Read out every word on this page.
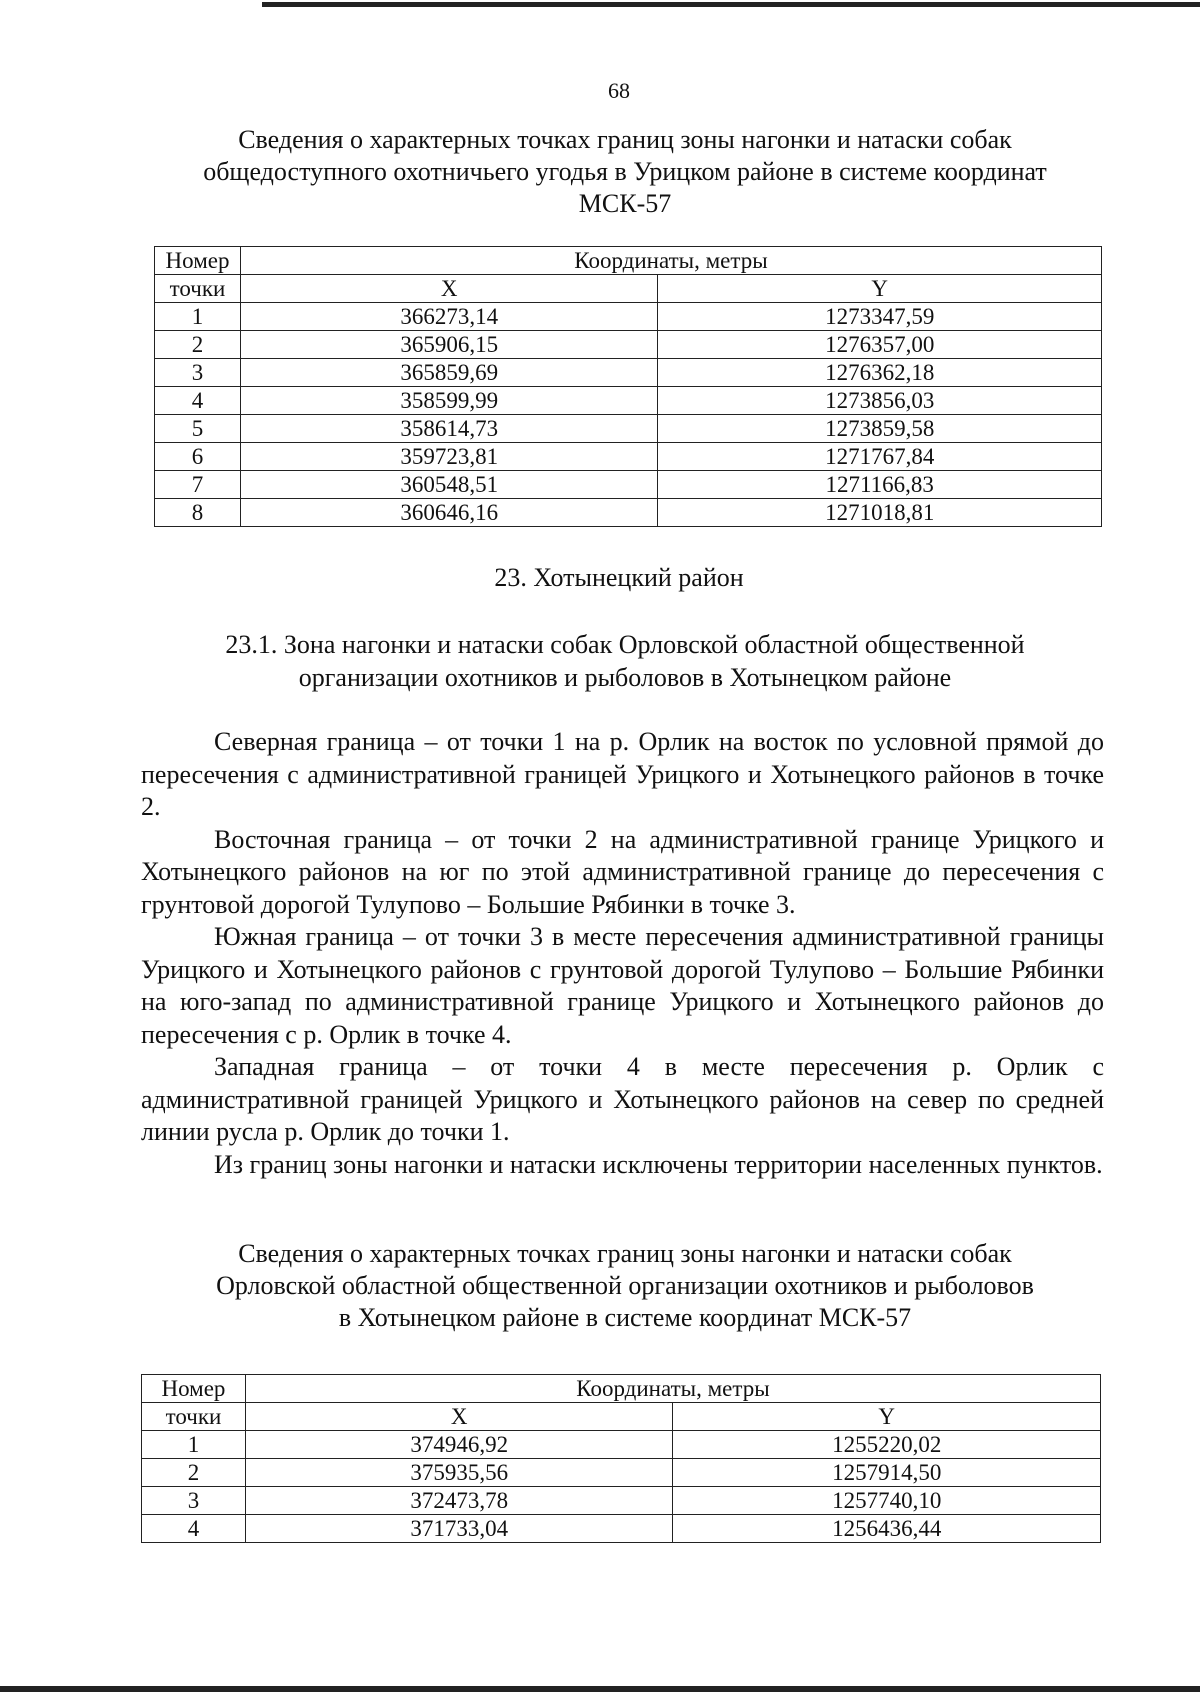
68
Сведения о характерных точках границ зоны нагонки и натаски собак
общедоступного охотничьего угодья в Урицком районе в системе координат
МСК-57
Номер	Координаты, метры	
точки	X	Y
1	366273,14	1273347,59
2	365906,15	1276357,00
3	365859,69	1276362,18
4	358599,99	1273856,03
5	358614,73	1273859,58
6	359723,81	1271767,84
7	360548,51	1271166,83
8	360646,16	1271018,81
23. Хотынецкий район
23.1. Зона нагонки и натаски собак Орловской областной общественной
организации охотников и рыболовов в Хотынецком районе

Северная граница – от точки 1 на р. Орлик на восток по условной прямой до пересечения с административной границей Урицкого и Хотынецкого районов в точке 2.

Восточная граница – от точки 2 на административной границе Урицкого и Хотынецкого районов на юг по этой административной границе до пересечения с грунтовой дорогой Тулупово – Большие Рябинки в точке 3.

Южная граница – от точки 3 в месте пересечения административной границы Урицкого и Хотынецкого районов с грунтовой дорогой Тулупово – Большие Рябинки на юго-запад по административной границе Урицкого и Хотынецкого районов до пересечения с р. Орлик в точке 4.

Западная граница – от точки 4 в месте пересечения р. Орлик с административной границей Урицкого и Хотынецкого районов на север по средней линии русла р. Орлик до точки 1.

Из границ зоны нагонки и натаски исключены территории населенных пунктов.

Сведения о характерных точках границ зоны нагонки и натаски собак
Орловской областной общественной организации охотников и рыболовов
в Хотынецком районе в системе координат МСК-57
Номер	Координаты, метры	
точки	X	Y
1	374946,92	1255220,02
2	375935,56	1257914,50
3	372473,78	1257740,10
4	371733,04	1256436,44
